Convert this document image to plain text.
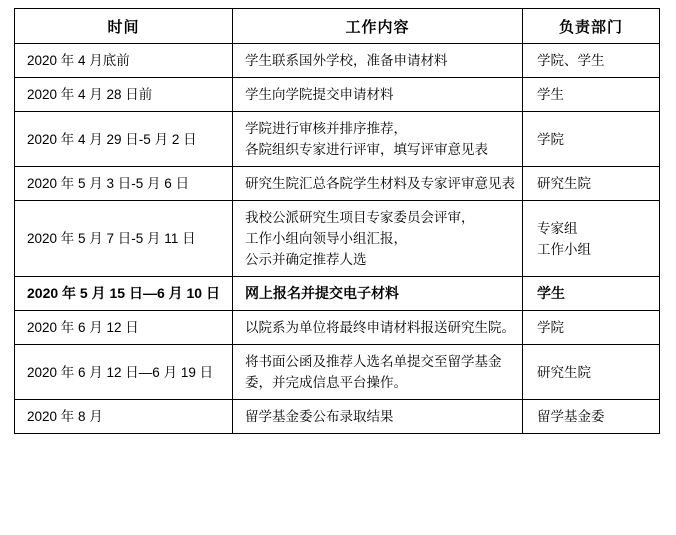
时间	工作内容	负责部门

2020 年 4 月底前	学生联系国外学校，准备申请材料	学院、学生

2020 年 4 月 28 日前	学生向学院提交申请材料	学生

2020 年 4 月 29 日-5 月 2 日	学院进行审核并排序推荐，
各院组织专家进行评审，填写评审意见表	学院

2020 年 5 月 3 日-5 月 6 日	研究生院汇总各院学生材料及专家评审意见表	研究生院

2020 年 5 月 7 日-5 月 11 日	我校公派研究生项目专家委员会评审，
工作小组向领导小组汇报，
公示并确定推荐人选	专家组
工作小组

2020 年 5 月 15 日—6 月 10 日	网上报名并提交电子材料	学生

2020 年 6 月 12 日	以院系为单位将最终申请材料报送研究生院。	学院

2020 年 6 月 12 日—6 月 19 日	将书面公函及推荐人选名单提交至留学基金
委，并完成信息平台操作。	研究生院

2020 年 8 月	留学基金委公布录取结果	留学基金委
